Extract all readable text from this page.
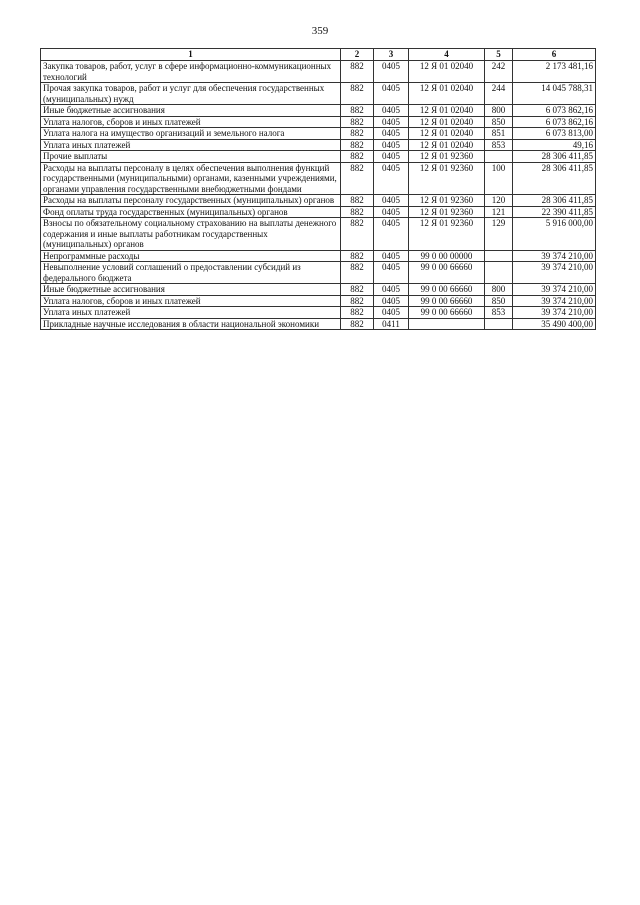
359
1	2	3	4	5	6
Закупка товаров, работ, услуг в сфере информационно-коммуникационных технологий	882	0405	12 Я 01 02040	242	2 173 481,16
Прочая закупка товаров, работ и услуг для обеспечения государственных (муниципальных) нужд	882	0405	12 Я 01 02040	244	14 045 788,31
Иные бюджетные ассигнования	882	0405	12 Я 01 02040	800	6 073 862,16
Уплата налогов, сборов и иных платежей	882	0405	12 Я 01 02040	850	6 073 862,16
Уплата налога на имущество организаций и земельного налога	882	0405	12 Я 01 02040	851	6 073 813,00
Уплата иных платежей	882	0405	12 Я 01 02040	853	49,16
Прочие выплаты	882	0405	12 Я 01 92360		28 306 411,85
Расходы на выплаты персоналу в целях обеспечения выполнения функций государственными (муниципальными) органами, казенными учреждениями, органами управления государственными внебюджетными фондами	882	0405	12 Я 01 92360	100	28 306 411,85
Расходы на выплаты персоналу государственных (муниципальных) органов	882	0405	12 Я 01 92360	120	28 306 411,85
Фонд оплаты труда государственных (муниципальных) органов	882	0405	12 Я 01 92360	121	22 390 411,85
Взносы по обязательному социальному страхованию на выплаты денежного содержания и иные выплаты работникам государственных (муниципальных) органов	882	0405	12 Я 01 92360	129	5 916 000,00
Непрограммные расходы	882	0405	99 0 00 00000		39 374 210,00
Невыполнение условий соглашений о предоставлении субсидий из федерального бюджета	882	0405	99 0 00 66660		39 374 210,00
Иные бюджетные ассигнования	882	0405	99 0 00 66660	800	39 374 210,00
Уплата налогов, сборов и иных платежей	882	0405	99 0 00 66660	850	39 374 210,00
Уплата иных платежей	882	0405	99 0 00 66660	853	39 374 210,00
Прикладные научные исследования в области национальной экономики	882	0411			35 490 400,00
